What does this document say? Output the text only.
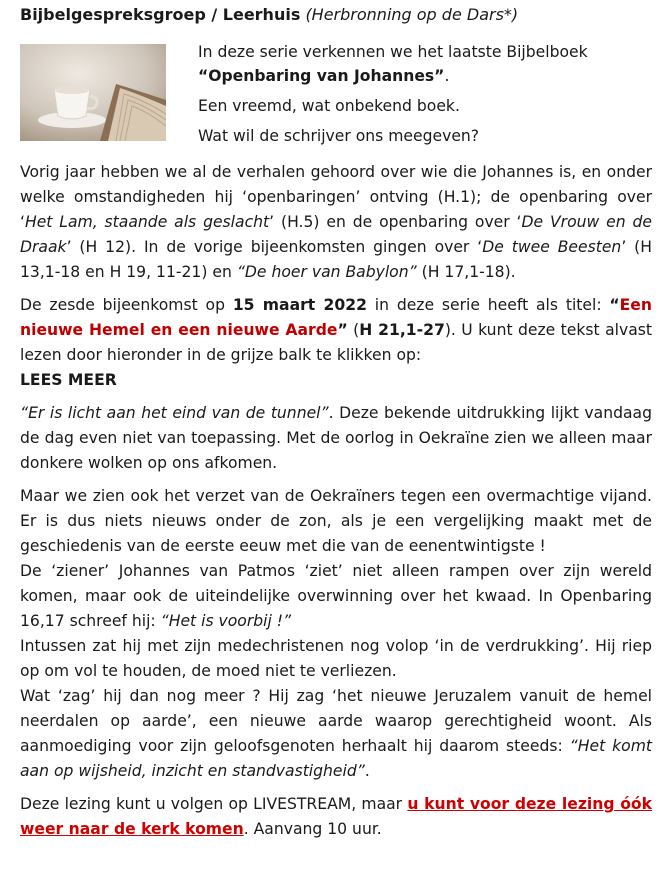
Bijbelgespreksgroep / Leerhuis (Herbronning op de Dars*)

In deze serie verkennen we het laatste Bijbelboek
“Openbaring van Johannes”.

Een vreemd, wat onbekend boek.

Wat wil de schrijver ons meegeven?

Vorig jaar hebben we al de verhalen gehoord over wie die Johannes is, en onder welke omstandigheden hij ‘openbaringen’ ontving (H.1); de openbaring over ‘Het Lam, staande als geslacht’ (H.5) en de openbaring over ‘De Vrouw en de Draak’ (H 12). In de vorige bijeenkomsten gingen over ‘De twee Beesten’ (H 13,1-18 en H 19, 11-21) en “De hoer van Babylon” (H 17,1-18).

De zesde bijeenkomst op 15 maart 2022 in deze serie heeft als titel: “Een nieuwe Hemel en een nieuwe Aarde” (H 21,1-27). U kunt deze tekst alvast lezen door hieronder in de grijze balk te klikken op:
LEES MEER

“Er is licht aan het eind van de tunnel”. Deze bekende uitdrukking lijkt vandaag de dag even niet van toepassing. Met de oorlog in Oekraïne zien we alleen maar donkere wolken op ons afkomen.

Maar we zien ook het verzet van de Oekraïners tegen een overmachtige vijand. Er is dus niets nieuws onder de zon, als je een vergelijking maakt met de geschiedenis van de eerste eeuw met die van de eenentwintigste !
De ‘ziener’ Johannes van Patmos ‘ziet’ niet alleen rampen over zijn wereld komen, maar ook de uiteindelijke overwinning over het kwaad. In Openbaring 16,17 schreef hij: “Het is voorbij !”
Intussen zat hij met zijn medechristenen nog volop ‘in de verdrukking’. Hij riep op om vol te houden, de moed niet te verliezen.
Wat ‘zag’ hij dan nog meer ? Hij zag ‘het nieuwe Jeruzalem vanuit de hemel neerdalen op aarde’, een nieuwe aarde waarop gerechtigheid woont. Als aanmoediging voor zijn geloofsgenoten herhaalt hij daarom steeds: “Het komt aan op wijsheid, inzicht en standvastigheid”.

Deze lezing kunt u volgen op LIVESTREAM, maar u kunt voor deze lezing óók weer naar de kerk komen. Aanvang 10 uur.
